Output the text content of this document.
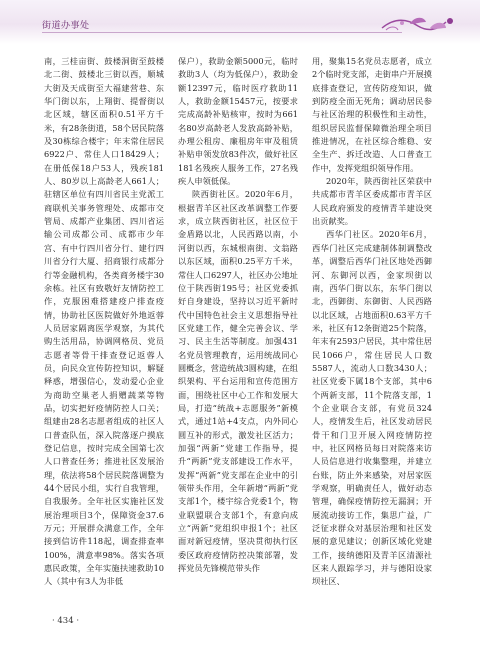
街道办事处

南，三桂亩街、鼓楼洞街至鼓楼北二街、鼓楼北三街以西，顺城大街及天成街至大福建营巷、东华门街以东，上翔街、提督街以北区域，辖区面积0.51平方千米，有28条街道，58个居民院落及30栋综合楼宇；年末常住居民6922户、常住人口18429人；在册低保18户53人，残疾181人、80岁以上高龄老人661人；驻辖区单位有四川省民主党派工商联机关事务管理处、成都市交管局、成都产业集团、四川省运输公司成都公司、成都市少年宫、有中行四川省分行、建行四川省分行大厦、招商银行成都分行等金融机构，各类商务楼宇30余栋。社区有致敬好友情防控工作，克服困难搭建疫户排查疫情，协助社区医院做好外地返蓉人员居家隔离医学观察，为其代购生活用品，协调网格员、党员志愿者等骨干排查登记返蓉人员，向民众宣传防控知识，解疑释惑，增强信心，发动爱心企业为商助空巢老人捐赠蔬菜等物品，切实把好疫情防控人口关；组建由28名志愿者组成的社区人口普查队伍，深入院落逐户摸底登记信息，按时完成全国第七次人口普查任务；推进社区发展治理，依法将58个居民院落调整为44个居民小组，实行自我管理，自我服务。全年社区实施社区发展治理项目3个，保障资金37.6万元；开展群众满意工作，全年接到信访件118起，调查排查率100%，满意率98%。落实各项惠民政策，全年实施扶速救助10人（其中有3人为非低

保户），救助金额5000元，临时救助3人（均为低保户），救助金额12397元，临时医疗救助11人，救助金额15457元，按要求完成高龄补贴核审，按时为661名80岁高龄老人发放高龄补贴，办理公租房、廉租房年审及租赁补贴申领发放83件次，做好社区181名残疾人服务工作，27名残疾人申领低保。

陕西街社区。2020年6月，根据青羊区社区改革调整工作要求，成立陕西街社区，社区位于金盾路以北，人民西路以南，小河街以西，东城根南街、文翁路以东区域，面积0.25平方千米，常住人口6297人，社区办公地址位于陕西街195号；社区党委抓好自身建设，坚持以习近平新时代中国特色社会主义思想指导社区党建工作，健全完善会议、学习、民主生活等制度。加强431名党员管理教育，运用统战同心圆概念，营造统战3圆构建，在组织架构、平台运用和宣传范围方面，围绕社区中心工作和发展大局，打造“统战+志愿服务”新模式，通过1站+4支点，内外同心圆互补的形式，激发社区活力；加强“两新”党建工作指导，提升“两新”党支部建设工作水平，发挥“两新”党支部在企业中的引领带头作用，全年新增“两新”党支部1个，楼宇综合党委1个，物业联盟联合支部1个，有意向成立“两新”党组织申报1个；社区面对新冠疫情，坚决贯彻执行区委区政府疫情防控决策部署，发挥党员先锋模范带头作

用，聚集15名党员志愿者，成立2个临时党支部，走街串户开展摸底排查登记，宣传防疫知识，做到防疫全面无死角；调动居民参与社区治理的积极性和主动性，组织居民监督保障微治理全项目推进情况，在社区综合维稳、安全生产、拆迁改造、人口普查工作中，发挥党组织领导作用。

2020年，陕西街社区荣获中共成都市青羊区委成都市青羊区人民政府颁发的疫情青羊建设突出贡献奖。

西华门社区。2020年6月，西华门社区完成建制体制调整改革，调整后西华门社区地处西御河、东御河以西，金家坝街以南，西华门街以东，东华门街以北，西御街、东御街、人民西路以北区域，占地面积0.63平方千米，社区有12条街道25个院落，年末有2593户居民，其中常住居民1066户，常住居民人口数5587人，流动人口数3430人；社区党委下属18个支部，其中6个两新支部，11个院落支部，1个企业联合支部，有党员324人，疫情发生后，社区发动居民骨干和门卫开展入网疫情防控中，社区网格员每日对院落来访人员信息进行收集整理，并建立台账，防止外来感染，对居家医学观察，明确责任人，做好动态管理，确保疫情防控无漏洞；开展流动接访工作，集思广益，广泛征求群众对基层治理和社区发展的意见建议；创新区域化党建工作，接纳德阳及青羊区清源社区来人跟踪学习，并与德阳设家坝社区、

· 434 ·
